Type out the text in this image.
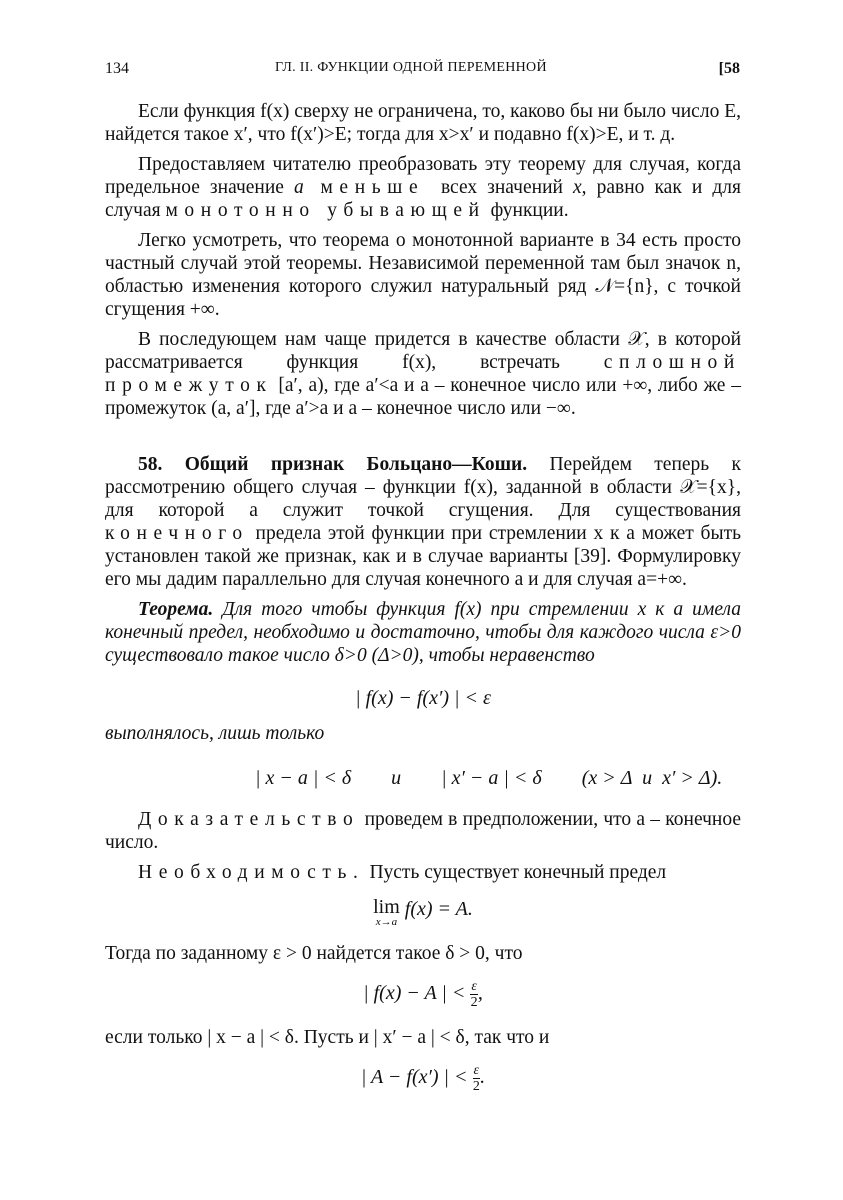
134	ГЛ. II. ФУНКЦИИ ОДНОЙ ПЕРЕМЕННОЙ	[58

Если функция f(x) сверху не ограничена, то, каково бы ни было число E, найдется такое x′, что f(x′)>E; тогда для x>x′ и подавно f(x)>E, и т. д.

Предоставляем читателю преобразовать эту теорему для случая, когда предельное значение a меньше всех значений x, равно как и для случая монотонно убывающей функции.

Легко усмотреть, что теорема о монотонной варианте в 34 есть просто частный случай этой теоремы. Независимой переменной там был значок n, областью изменения которого служил натуральный ряд 𝒩={n}, с точкой сгущения +∞.

В последующем нам чаще придется в качестве области 𝒳, в которой рассматривается функция f(x), встречать сплошной промежуток [a′, a), где a′<a и a – конечное число или +∞, либо же – промежуток (a, a′], где a′>a и a – конечное число или −∞.

58. Общий признак Больцано—Коши. Перейдем теперь к рассмотрению общего случая – функции f(x), заданной в области 𝒳={x}, для которой a служит точкой сгущения. Для существования конечного предела этой функции при стремлении x к a может быть установлен такой же признак, как и в случае варианты [39]. Формулировку его мы дадим параллельно для случая конечного a и для случая a=+∞.

Теорема. Для того чтобы функция f(x) при стремлении x к a имела конечный предел, необходимо и достаточно, чтобы для каждого числа ε>0 существовало такое число δ>0 (Δ>0), чтобы неравенство

| f(x) − f(x′) | < ε

выполнялось, лишь только

| x − a | < δ и | x′ − a | < δ (x > Δ  и  x′ > Δ).

Доказательство проведем в предположении, что a – конечное число.

Необходимость. Пусть существует конечный предел

lim
x→a
f(x) = A.

Тогда по заданному ε > 0 найдется такое δ > 0, что

| f(x) − A | < $\frac{\varepsilon}{2}$ ,

если только | x − a | < δ. Пусть и | x′ − a | < δ, так что и

| A − f(x′) | < $\frac{\varepsilon}{2}$ .
